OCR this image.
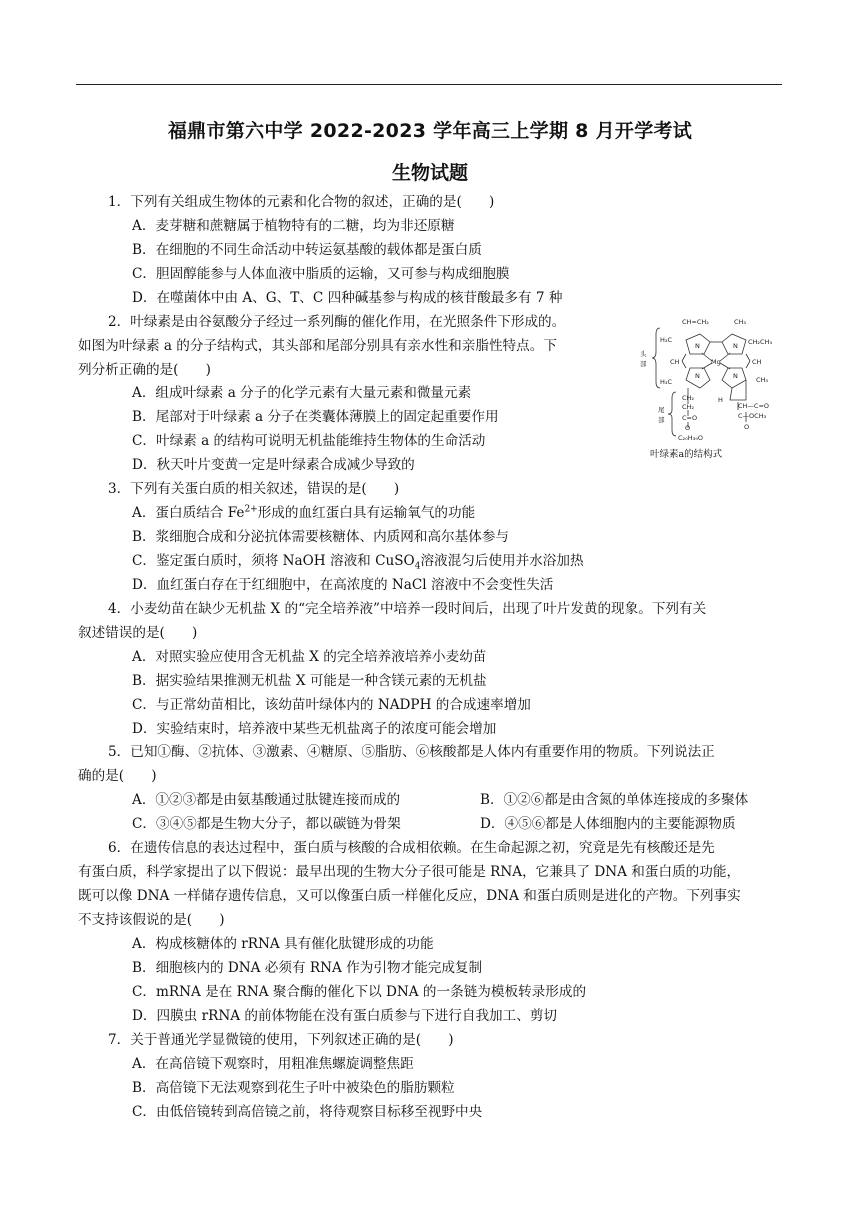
福鼎市第六中学 2022-2023 学年高三上学期 8 月开学考试
生物试题
1．下列有关组成生物体的元素和化合物的叙述，正确的是(　　)
A．麦芽糖和蔗糖属于植物特有的二糖，均为非还原糖
B．在细胞的不同生命活动中转运氨基酸的载体都是蛋白质
C．胆固醇能参与人体血液中脂质的运输，又可参与构成细胞膜
D．在噬菌体中由 A、G、T、C 四种碱基参与构成的核苷酸最多有 7 种
2．叶绿素是由谷氨酸分子经过一系列酶的催化作用，在光照条件下形成的。
如图为叶绿素 a 的分子结构式，其头部和尾部分别具有亲水性和亲脂性特点。下
列分析正确的是(　　)
A．组成叶绿素 a 分子的化学元素有大量元素和微量元素
B．尾部对于叶绿素 a 分子在类囊体薄膜上的固定起重要作用
C．叶绿素 a 的结构可说明无机盐能维持生物体的生命活动
D．秋天叶片变黄一定是叶绿素合成减少导致的
头
部
尾
部
CH=CH₂	CH₃
H₃C	CH₂CH₃
CH	Mg	CH
H₃C	CH₃
CH₂
CH₂
C=O
O
C₂₀H₃₉O
H
CH—C=O
C—OCH₃
O
N	N
N	N
叶绿素a的结构式
3．下列有关蛋白质的相关叙述，错误的是(　　)
A．蛋白质结合 $Fe^{2+}$形成的血红蛋白具有运输氧气的功能
B．浆细胞合成和分泌抗体需要核糖体、内质网和高尔基体参与
C．鉴定蛋白质时，须将 NaOH 溶液和 CuSO$_4$溶液混匀后使用并水浴加热
D．血红蛋白存在于红细胞中，在高浓度的 NaCl 溶液中不会变性失活
4．小麦幼苗在缺少无机盐 X 的“完全培养液”中培养一段时间后，出现了叶片发黄的现象。下列有关
叙述错误的是(　　)
A．对照实验应使用含无机盐 X 的完全培养液培养小麦幼苗
B．据实验结果推测无机盐 X 可能是一种含镁元素的无机盐
C．与正常幼苗相比，该幼苗叶绿体内的 NADPH 的合成速率增加
D．实验结束时，培养液中某些无机盐离子的浓度可能会增加
5．已知①酶、②抗体、③激素、④糖原、⑤脂肪、⑥核酸都是人体内有重要作用的物质。下列说法正
确的是(　　)
A．①②③都是由氨基酸通过肽键连接而成的	B．①②⑥都是由含氮的单体连接成的多聚体
C．③④⑤都是生物大分子，都以碳链为骨架	D．④⑤⑥都是人体细胞内的主要能源物质
6．在遗传信息的表达过程中，蛋白质与核酸的合成相依赖。在生命起源之初，究竟是先有核酸还是先
有蛋白质，科学家提出了以下假说：最早出现的生物大分子很可能是 RNA，它兼具了 DNA 和蛋白质的功能，
既可以像 DNA 一样储存遗传信息，又可以像蛋白质一样催化反应，DNA 和蛋白质则是进化的产物。下列事实
不支持该假说的是(　　)
A．构成核糖体的 rRNA 具有催化肽键形成的功能
B．细胞核内的 DNA 必须有 RNA 作为引物才能完成复制
C．mRNA 是在 RNA 聚合酶的催化下以 DNA 的一条链为模板转录形成的
D．四膜虫 rRNA 的前体物能在没有蛋白质参与下进行自我加工、剪切
7．关于普通光学显微镜的使用，下列叙述正确的是(　　)
A．在高倍镜下观察时，用粗准焦螺旋调整焦距
B．高倍镜下无法观察到花生子叶中被染色的脂肪颗粒
C．由低倍镜转到高倍镜之前，将待观察目标移至视野中央
